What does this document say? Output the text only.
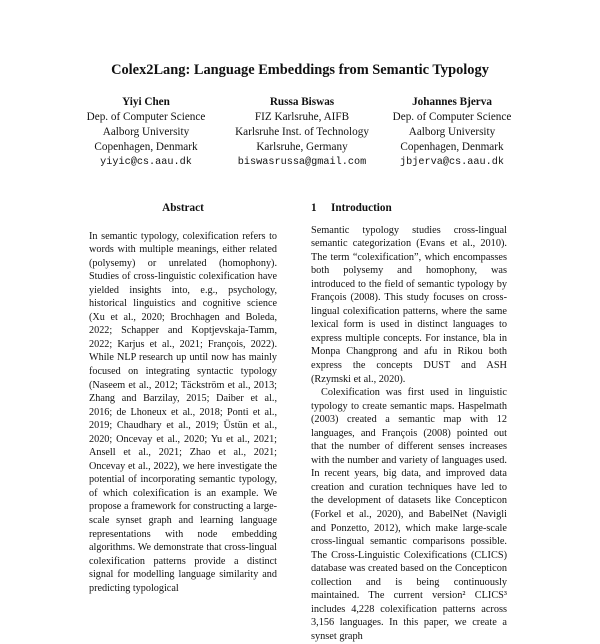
Colex2Lang: Language Embeddings from Semantic Typology
Yiyi Chen
Dep. of Computer Science
Aalborg University
Copenhagen, Denmark
yiyic@cs.aau.dk
Russa Biswas
FIZ Karlsruhe, AIFB
Karlsruhe Inst. of Technology
Karlsruhe, Germany
biswasrussa@gmail.com
Johannes Bjerva
Dep. of Computer Science
Aalborg University
Copenhagen, Denmark
jbjerva@cs.aau.dk
Abstract

In semantic typology, colexification refers to words with multiple meanings, either related (polysemy) or unrelated (homophony). Studies of cross-linguistic colexification have yielded insights into, e.g., psychology, historical linguistics and cognitive science (Xu et al., 2020; Brochhagen and Boleda, 2022; Schapper and Koptjevskaja-Tamm, 2022; Karjus et al., 2021; François, 2022). While NLP research up until now has mainly focused on integrating syntactic typology (Naseem et al., 2012; Täckström et al., 2013; Zhang and Barzilay, 2015; Daiber et al., 2016; de Lhoneux et al., 2018; Ponti et al., 2019; Chaudhary et al., 2019; Üstün et al., 2020; Oncevay et al., 2020; Yu et al., 2021; Ansell et al., 2021; Zhao et al., 2021; Oncevay et al., 2022), we here investigate the potential of incorporating semantic typology, of which colexification is an example. We propose a framework for constructing a large-scale synset graph and learning language representations with node embedding algorithms. We demonstrate that cross-lingual colexification patterns provide a distinct signal for modelling language similarity and predicting typological

1 Introduction

Semantic typology studies cross-lingual semantic categorization (Evans et al., 2010). The term “colexification”, which encompasses both polysemy and homophony, was introduced to the field of semantic typology by François (2008). This study focuses on cross-lingual colexification patterns, where the same lexical form is used in distinct languages to express multiple concepts. For instance, bla in Monpa Changprong and afu in Rikou both express the concepts DUST and ASH (Rzymski et al., 2020).

Colexification was first used in linguistic typology to create semantic maps. Haspelmath (2003) created a semantic map with 12 languages, and François (2008) pointed out that the number of different senses increases with the number and variety of languages used. In recent years, big data, and improved data creation and curation techniques have led to the development of datasets like Concepticon (Forkel et al., 2020), and BabelNet (Navigli and Ponzetto, 2012), which make large-scale cross-lingual semantic comparisons possible. The Cross-Linguistic Colexifications (CLICS) database was created based on the Concepticon collection and is being continuously maintained. The current version² CLICS³ includes 4,228 colexification patterns across 3,156 languages. In this paper, we create a synset graph
